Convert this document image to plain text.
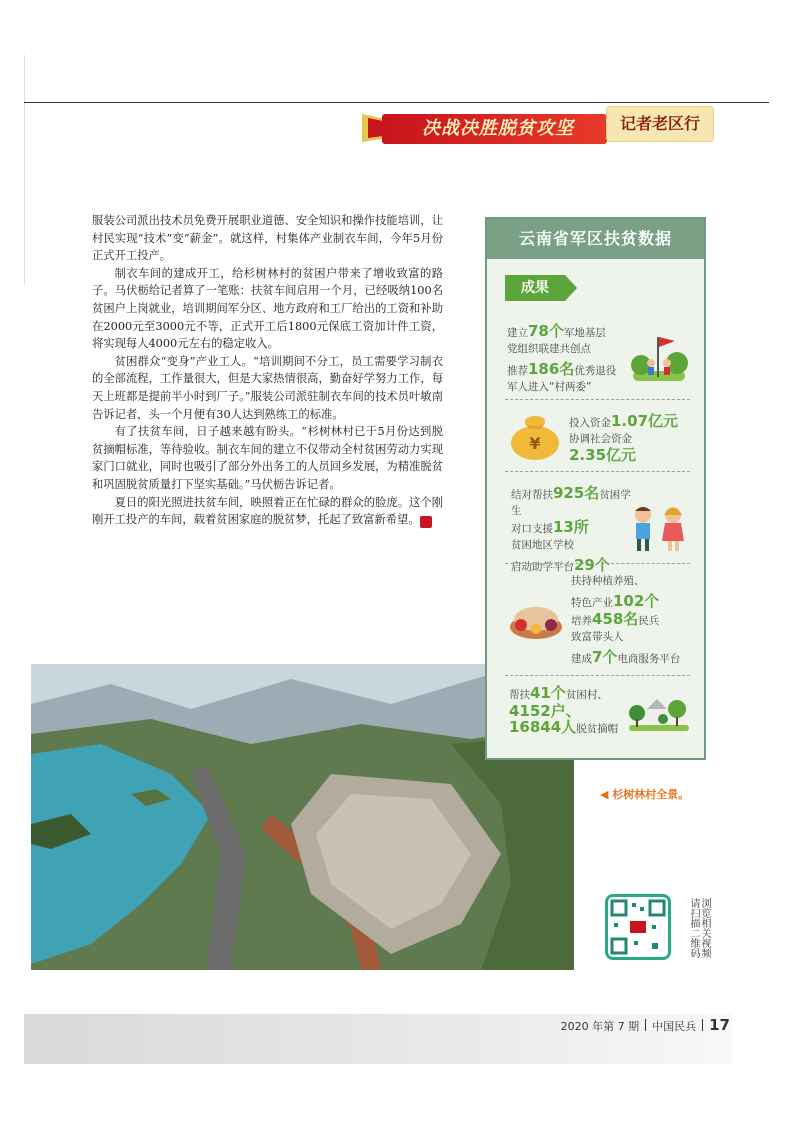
决战决胜脱贫攻坚	记者老区行

服装公司派出技术员免费开展职业道德、安全知识和操作技能培训，让村民实现“技术”变“薪金”。就这样，村集体产业制衣车间，今年5月份正式开工投产。

制衣车间的建成开工，给杉树林村的贫困户带来了增收致富的路子。马伏栃给记者算了一笔账：扶贫车间启用一个月，已经吸纳100名贫困户上岗就业，培训期间军分区、地方政府和工厂给出的工资和补助在2000元至3000元不等，正式开工后1800元保底工资加计件工资，将实现每人4000元左右的稳定收入。

贫困群众“变身”产业工人。“培训期间不分工，员工需要学习制衣的全部流程，工作量很大，但是大家热情很高，勤奋好学努力工作，每天上班都是提前半小时到厂子。”服装公司派驻制衣车间的技术员叶敏南告诉记者，头一个月便有30人达到熟练工的标准。

有了扶贫车间，日子越来越有盼头。“杉树林村已于5月份达到脱贫摘帽标准，等待验收。制衣车间的建立不仅带动全村贫困劳动力实现家门口就业，同时也吸引了部分外出务工的人员回乡发展，为精准脱贫和巩固脱贫质量打下坚实基础。”马伏栃告诉记者。

夏日的阳光照进扶贫车间，映照着正在忙碌的群众的脸庞。这个刚刚开工投产的车间，载着贫困家庭的脱贫梦，托起了致富新希望。	R

◀ 杉树林村全景。
云南省军区扶贫数据
成果
建立78个军地基层
党组织联建共创点
推荐186名优秀退役
军人进入“村两委”
¥
投入资金1.07亿元
协调社会资金
2.35亿元
结对帮扶925名贫困学生
对口支援13所
贫困地区学校
启动助学平台29个
扶持种植养殖、
特色产业102个
培养458名民兵
致富带头人
建成7个电商服务平台
帮扶41个贫困村、
4152户、
16844人脱贫摘帽
浏览相关视频请扫描二维码
2020 年第 7 期 中国民兵 17
